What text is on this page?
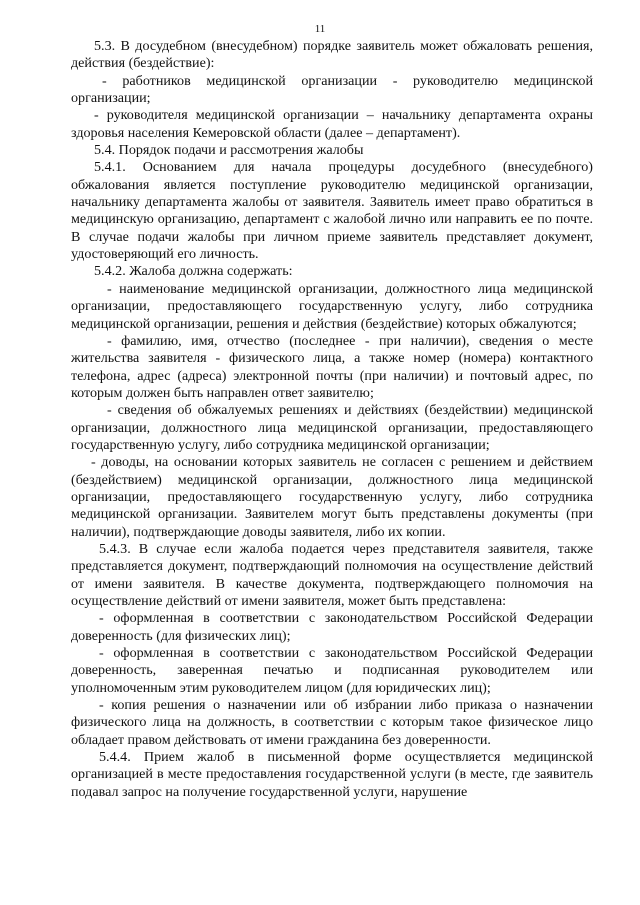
11

5.3. В досудебном (внесудебном) порядке заявитель может обжаловать решения, действия (бездействие):

- работников медицинской организации - руководителю медицинской организации;

- руководителя медицинской организации – начальнику департамента охраны здоровья населения Кемеровской области (далее – департамент).

5.4. Порядок подачи и рассмотрения жалобы

5.4.1. Основанием для начала процедуры досудебного (внесудебного) обжалования является поступление руководителю медицинской организации, начальнику департамента жалобы от заявителя. Заявитель имеет право обратиться в медицинскую организацию, департамент с жалобой лично или направить ее по почте. В случае подачи жалобы при личном приеме заявитель представляет документ, удостоверяющий его личность.

5.4.2. Жалоба должна содержать:

- наименование медицинской организации, должностного лица медицинской организации, предоставляющего государственную услугу, либо сотрудника медицинской организации, решения и действия (бездействие) которых обжалуются;

- фамилию, имя, отчество (последнее - при наличии), сведения о месте жительства заявителя - физического лица, а также номер (номера) контактного телефона, адрес (адреса) электронной почты (при наличии) и почтовый адрес, по которым должен быть направлен ответ заявителю;

- сведения об обжалуемых решениях и действиях (бездействии) медицинской организации, должностного лица медицинской организации, предоставляющего государственную услугу, либо сотрудника медицинской организации;

- доводы, на основании которых заявитель не согласен с решением и действием (бездействием) медицинской организации, должностного лица медицинской организации, предоставляющего государственную услугу, либо сотрудника медицинской организации. Заявителем могут быть представлены документы (при наличии), подтверждающие доводы заявителя, либо их копии.

5.4.3. В случае если жалоба подается через представителя заявителя, также представляется документ, подтверждающий полномочия на осуществление действий от имени заявителя. В качестве документа, подтверждающего полномочия на осуществление действий от имени заявителя, может быть представлена:

- оформленная в соответствии с законодательством Российской Федерации доверенность (для физических лиц);

- оформленная в соответствии с законодательством Российской Федерации доверенность, заверенная печатью и подписанная руководителем или уполномоченным этим руководителем лицом (для юридических лиц);

- копия решения о назначении или об избрании либо приказа о назначении физического лица на должность, в соответствии с которым такое физическое лицо обладает правом действовать от имени гражданина без доверенности.

5.4.4. Прием жалоб в письменной форме осуществляется медицинской организацией в месте предоставления государственной услуги (в месте, где заявитель подавал запрос на получение государственной услуги, нарушение
